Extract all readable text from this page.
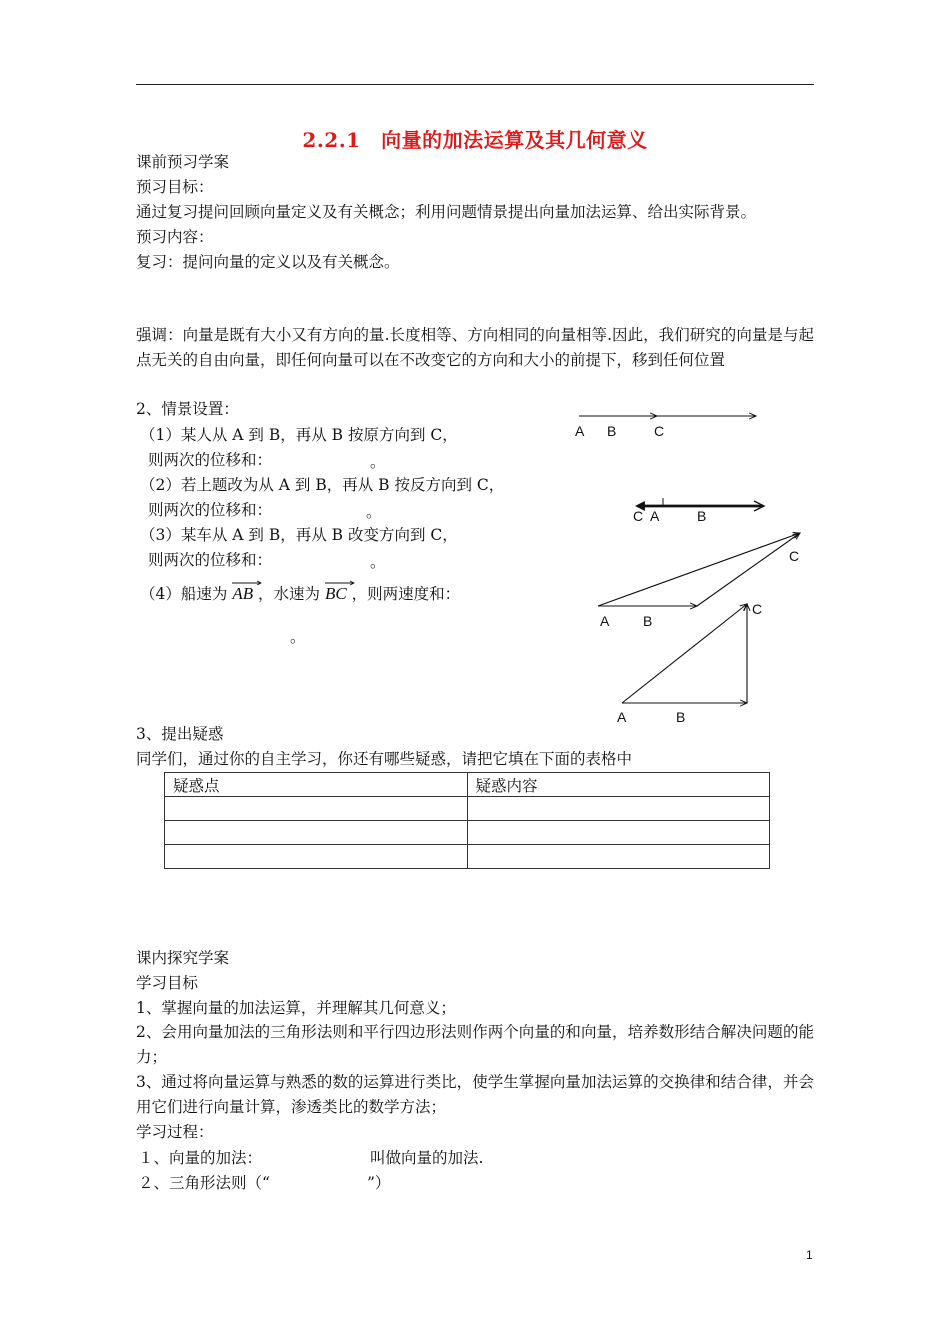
2.2.1　向量的加法运算及其几何意义
课前预习学案
预习目标：
通过复习提问回顾向量定义及有关概念；利用问题情景提出向量加法运算、给出实际背景。
预习内容：
复习：提问向量的定义以及有关概念。
强调：向量是既有大小又有方向的量.长度相等、方向相同的向量相等.因此，我们研究的向量是与起点无关的自由向量，即任何向量可以在不改变它的方向和大小的前提下，移到任何位置
2、情景设置：
（1）某人从 A 到 B，再从 B 按原方向到 C，
则两次的位移和：	。
（2）若上题改为从 A 到 B，再从 B 按反方向到 C，
则两次的位移和：	。
（3）某车从 A 到 B，再从 B 改变方向到 C，
则两次的位移和：	。
（4）船速为 AB ，水速为 BC ，则两速度和：
。
A B	C
C A	B
A B
C
A	B
C
3、提出疑惑
同学们，通过你的自主学习，你还有哪些疑惑，请把它填在下面的表格中
疑惑点	疑惑内容

课内探究学案
学习目标
1、掌握向量的加法运算，并理解其几何意义；
2、会用向量加法的三角形法则和平行四边形法则作两个向量的和向量，培养数形结合解决问题的能力；
3、通过将向量运算与熟悉的数的运算进行类比，使学生掌握向量加法运算的交换律和结合律，并会用它们进行向量计算，渗透类比的数学方法；
学习过程：
１、向量的加法：	叫做向量的加法.
２、三角形法则（“	”）
1
